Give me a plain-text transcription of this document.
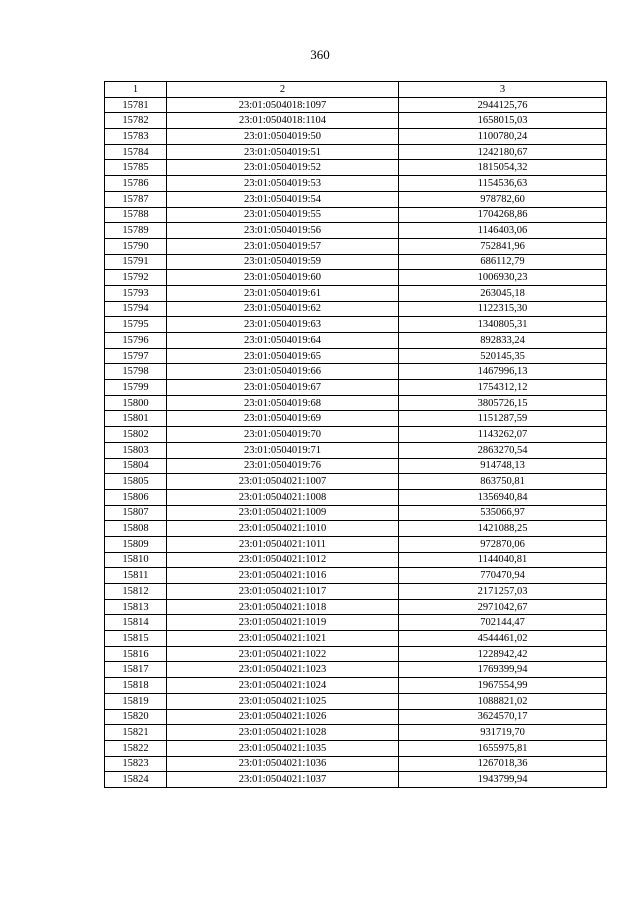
360
1	2	3
15781	23:01:0504018:1097	2944125,76
15782	23:01:0504018:1104	1658015,03
15783	23:01:0504019:50	1100780,24
15784	23:01:0504019:51	1242180,67
15785	23:01:0504019:52	1815054,32
15786	23:01:0504019:53	1154536,63
15787	23:01:0504019:54	978782,60
15788	23:01:0504019:55	1704268,86
15789	23:01:0504019:56	1146403,06
15790	23:01:0504019:57	752841,96
15791	23:01:0504019:59	686112,79
15792	23:01:0504019:60	1006930,23
15793	23:01:0504019:61	263045,18
15794	23:01:0504019:62	1122315,30
15795	23:01:0504019:63	1340805,31
15796	23:01:0504019:64	892833,24
15797	23:01:0504019:65	520145,35
15798	23:01:0504019:66	1467996,13
15799	23:01:0504019:67	1754312,12
15800	23:01:0504019:68	3805726,15
15801	23:01:0504019:69	1151287,59
15802	23:01:0504019:70	1143262,07
15803	23:01:0504019:71	2863270,54
15804	23:01:0504019:76	914748,13
15805	23:01:0504021:1007	863750,81
15806	23:01:0504021:1008	1356940,84
15807	23:01:0504021:1009	535066,97
15808	23:01:0504021:1010	1421088,25
15809	23:01:0504021:1011	972870,06
15810	23:01:0504021:1012	1144040,81
15811	23:01:0504021:1016	770470,94
15812	23:01:0504021:1017	2171257,03
15813	23:01:0504021:1018	2971042,67
15814	23:01:0504021:1019	702144,47
15815	23:01:0504021:1021	4544461,02
15816	23:01:0504021:1022	1228942,42
15817	23:01:0504021:1023	1769399,94
15818	23:01:0504021:1024	1967554,99
15819	23:01:0504021:1025	1088821,02
15820	23:01:0504021:1026	3624570,17
15821	23:01:0504021:1028	931719,70
15822	23:01:0504021:1035	1655975,81
15823	23:01:0504021:1036	1267018,36
15824	23:01:0504021:1037	1943799,94
